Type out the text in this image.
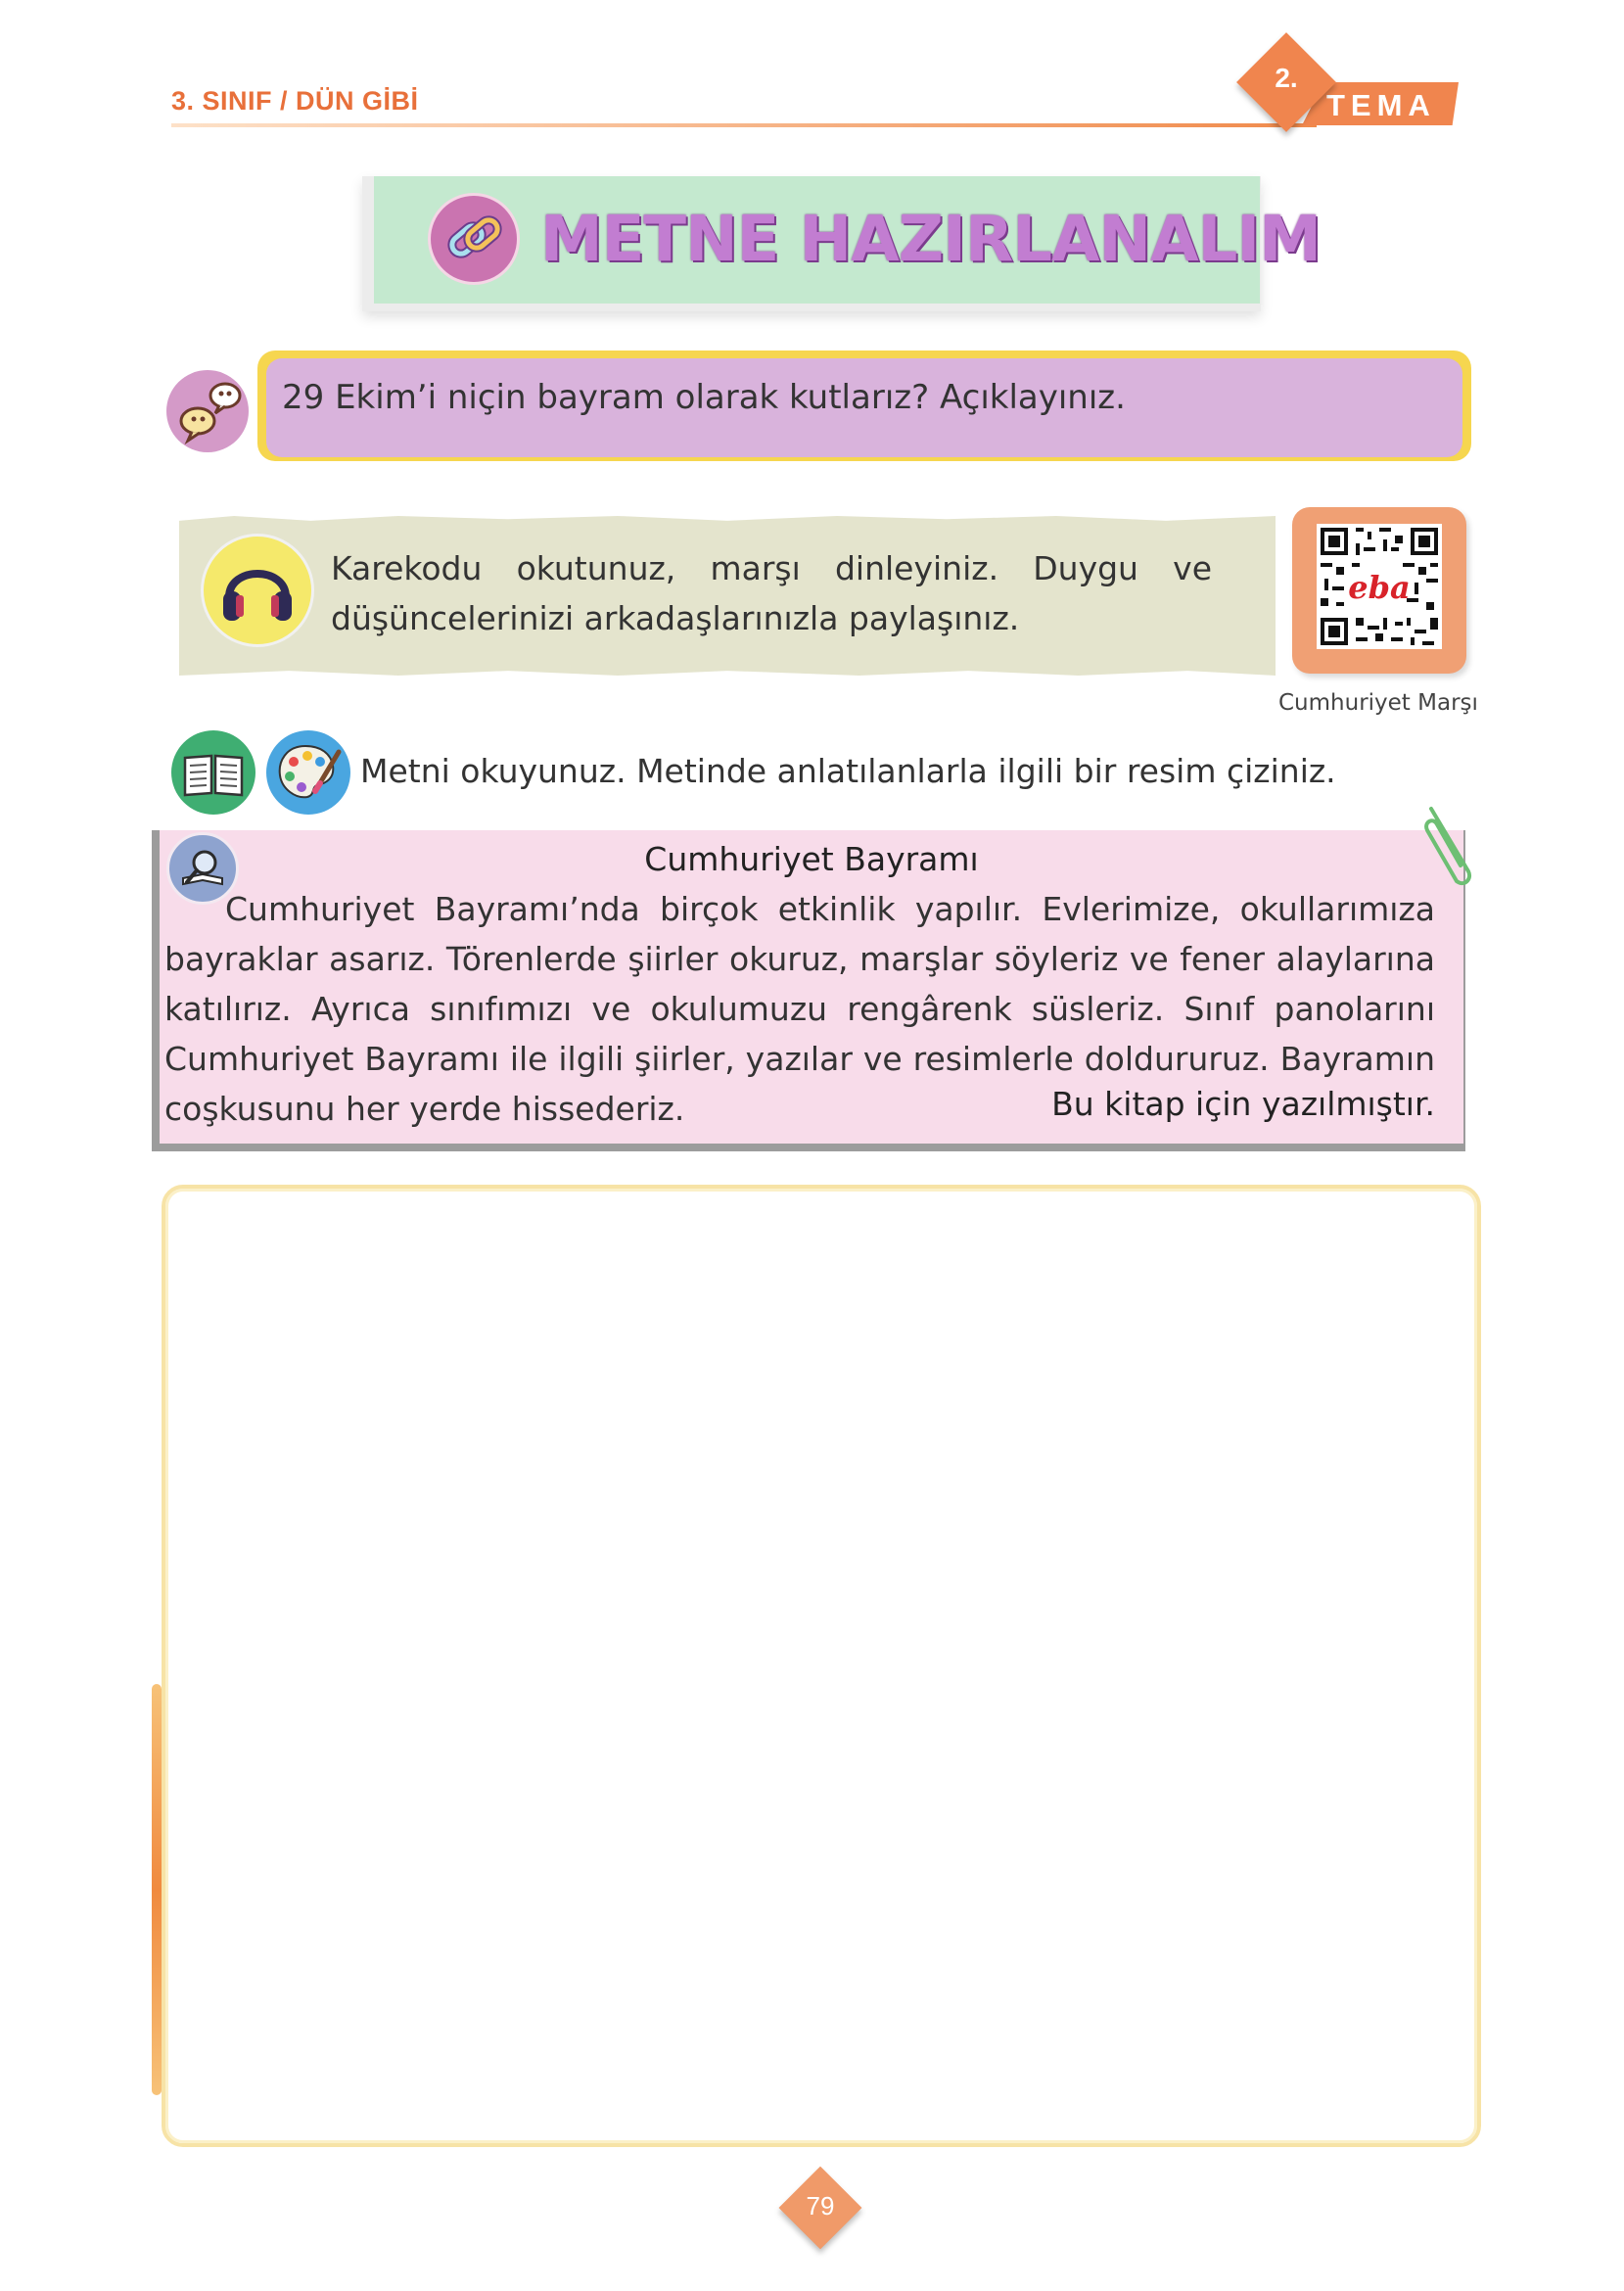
3. SINIF / DÜN GİBİ	TEMA
2.
METNE HAZIRLANALIM
29 Ekim’i niçin bayram olarak kutlarız? Açıklayınız.
Karekodu okutunuz, marşı dinleyiniz. Duygu ve düşüncelerinizi arkadaşlarınızla paylaşınız.
eba
Cumhuriyet Marşı
Metni okuyunuz. Metinde anlatılanlarla ilgili bir resim çiziniz.
Cumhuriyet Bayramı
Cumhuriyet Bayramı’nda birçok etkinlik yapılır. Evlerimize, okullarımıza bayraklar asarız. Törenlerde şiirler okuruz, marşlar söyleriz ve fener alaylarına katılırız. Ayrıca sınıfımızı ve okulumuzu rengârenk süsleriz. Sınıf panolarını Cumhuriyet Bayramı ile ilgili şiirler, yazılar ve resimlerle doldururuz. Bayramın coşkusunu her yerde hissederiz.	Bu kitap için yazılmıştır.
79
